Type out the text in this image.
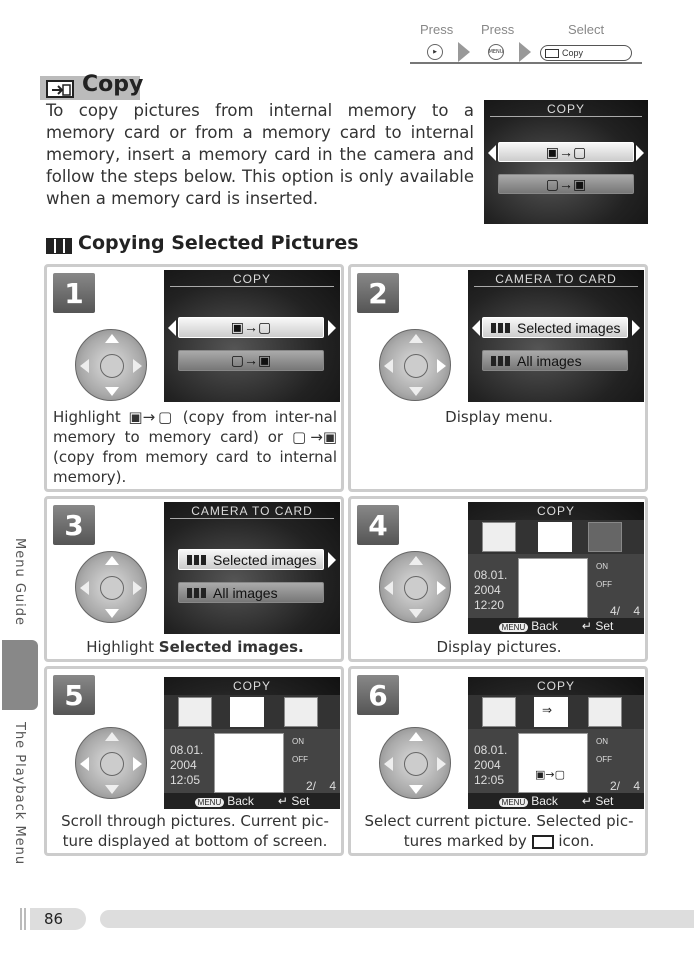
Press Press	Select
▶	MENU	Copy
Copy
To copy pictures from internal memory to a memory card or from a memory card to internal memory, insert a memory card in the camera and follow the steps below. This option is only available when a memory card is inserted.
COPY
▣→▢
▢→▣
Copying Selected Pictures
1	COPY
▣→▢
▢→▣
Highlight ▣→▢ (copy from inter-nal memory to memory card) or ▢→▣ (copy from memory card to internal memory).
2	CAMERA TO CARD
Selected images
All images
Display menu.
3	CAMERA TO CARD
Selected images
All images
Highlight Selected images.
4	COPY
08.01.
2004
12:20
ON

OFF
4/ 4
MENU Back ↵ Set
Display pictures.
5	COPY
08.01.
2004
12:05
ON

OFF
2/ 4
MENU Back ↵ Set
Scroll through pictures. Current pic-ture displayed at bottom of screen.
6	COPY
⇒
▣→▢
08.01.
2004
12:05
ON

OFF
2/ 4
MENU Back ↵ Set
Select current picture. Selected pic-tures marked by icon.
Menu Guide
The Playback Menu
86
